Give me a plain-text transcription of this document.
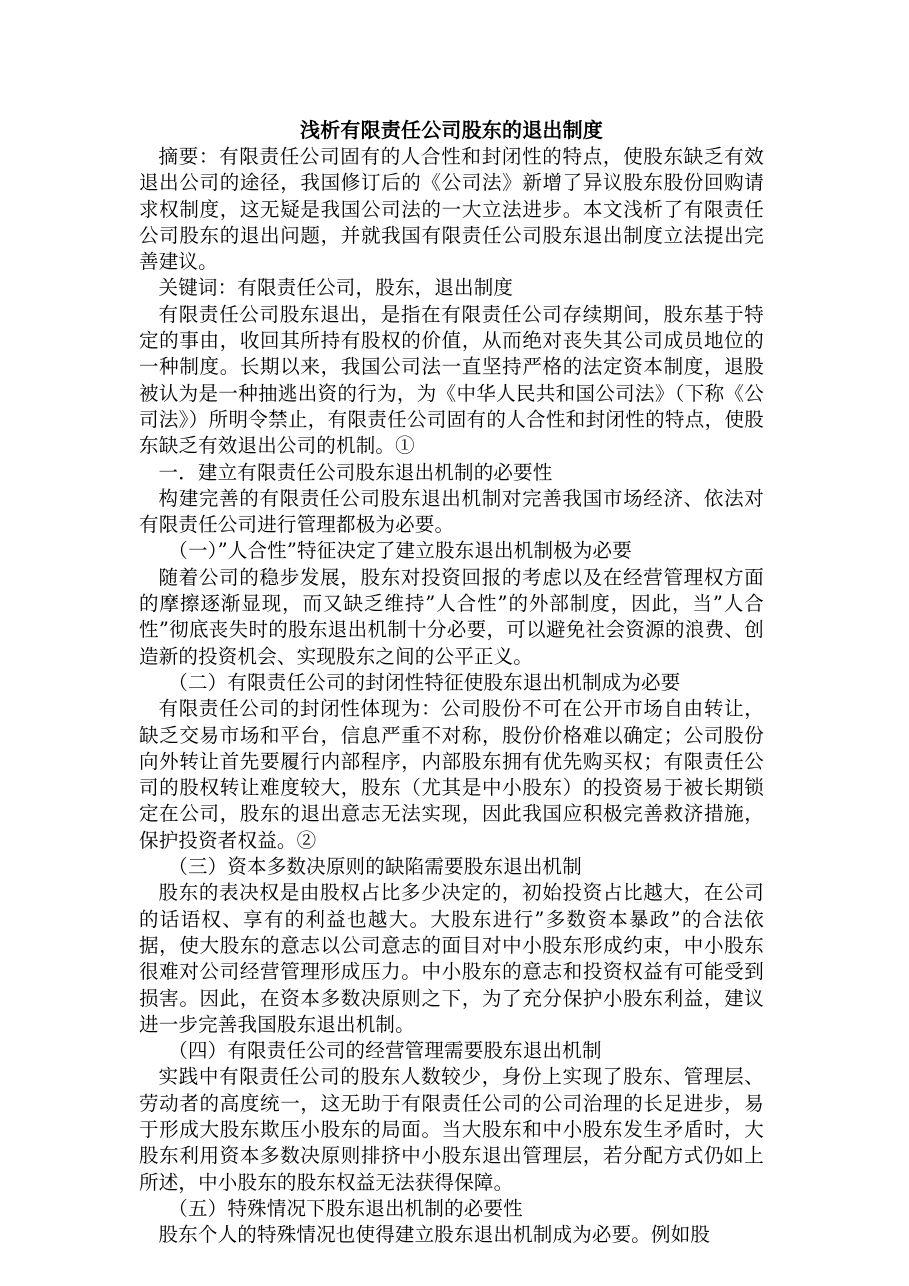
浅析有限责任公司股东的退出制度

摘要：有限责任公司固有的人合性和封闭性的特点，使股东缺乏有效退出公司的途径，我国修订后的《公司法》新增了异议股东股份回购请求权制度，这无疑是我国公司法的一大立法进步。本文浅析了有限责任公司股东的退出问题，并就我国有限责任公司股东退出制度立法提出完善建议。

关键词：有限责任公司，股东，退出制度

有限责任公司股东退出，是指在有限责任公司存续期间，股东基于特定的事由，收回其所持有股权的价值，从而绝对丧失其公司成员地位的一种制度。长期以来，我国公司法一直坚持严格的法定资本制度，退股被认为是一种抽逃出资的行为，为《中华人民共和国公司法》（下称《公司法》）所明令禁止，有限责任公司固有的人合性和封闭性的特点，使股东缺乏有效退出公司的机制。①

一．建立有限责任公司股东退出机制的必要性

构建完善的有限责任公司股东退出机制对完善我国市场经济、依法对有限责任公司进行管理都极为必要。

（一）”人合性”特征决定了建立股东退出机制极为必要

随着公司的稳步发展，股东对投资回报的考虑以及在经营管理权方面的摩擦逐渐显现，而又缺乏维持”人合性”的外部制度，因此，当”人合性”彻底丧失时的股东退出机制十分必要，可以避免社会资源的浪费、创造新的投资机会、实现股东之间的公平正义。

（二）有限责任公司的封闭性特征使股东退出机制成为必要

有限责任公司的封闭性体现为：公司股份不可在公开市场自由转让，缺乏交易市场和平台，信息严重不对称，股份价格难以确定；公司股份向外转让首先要履行内部程序，内部股东拥有优先购买权；有限责任公司的股权转让难度较大，股东（尤其是中小股东）的投资易于被长期锁定在公司，股东的退出意志无法实现，因此我国应积极完善救济措施，保护投资者权益。②

（三）资本多数决原则的缺陷需要股东退出机制

股东的表决权是由股权占比多少决定的，初始投资占比越大，在公司的话语权、享有的利益也越大。大股东进行”多数资本暴政”的合法依据，使大股东的意志以公司意志的面目对中小股东形成约束，中小股东很难对公司经营管理形成压力。中小股东的意志和投资权益有可能受到损害。因此，在资本多数决原则之下，为了充分保护小股东利益，建议进一步完善我国股东退出机制。

（四）有限责任公司的经营管理需要股东退出机制

实践中有限责任公司的股东人数较少，身份上实现了股东、管理层、劳动者的高度统一，这无助于有限责任公司的公司治理的长足进步，易于形成大股东欺压小股东的局面。当大股东和中小股东发生矛盾时，大股东利用资本多数决原则排挤中小股东退出管理层，若分配方式仍如上所述，中小股东的股东权益无法获得保障。

（五）特殊情况下股东退出机制的必要性

股东个人的特殊情况也使得建立股东退出机制成为必要。例如股
